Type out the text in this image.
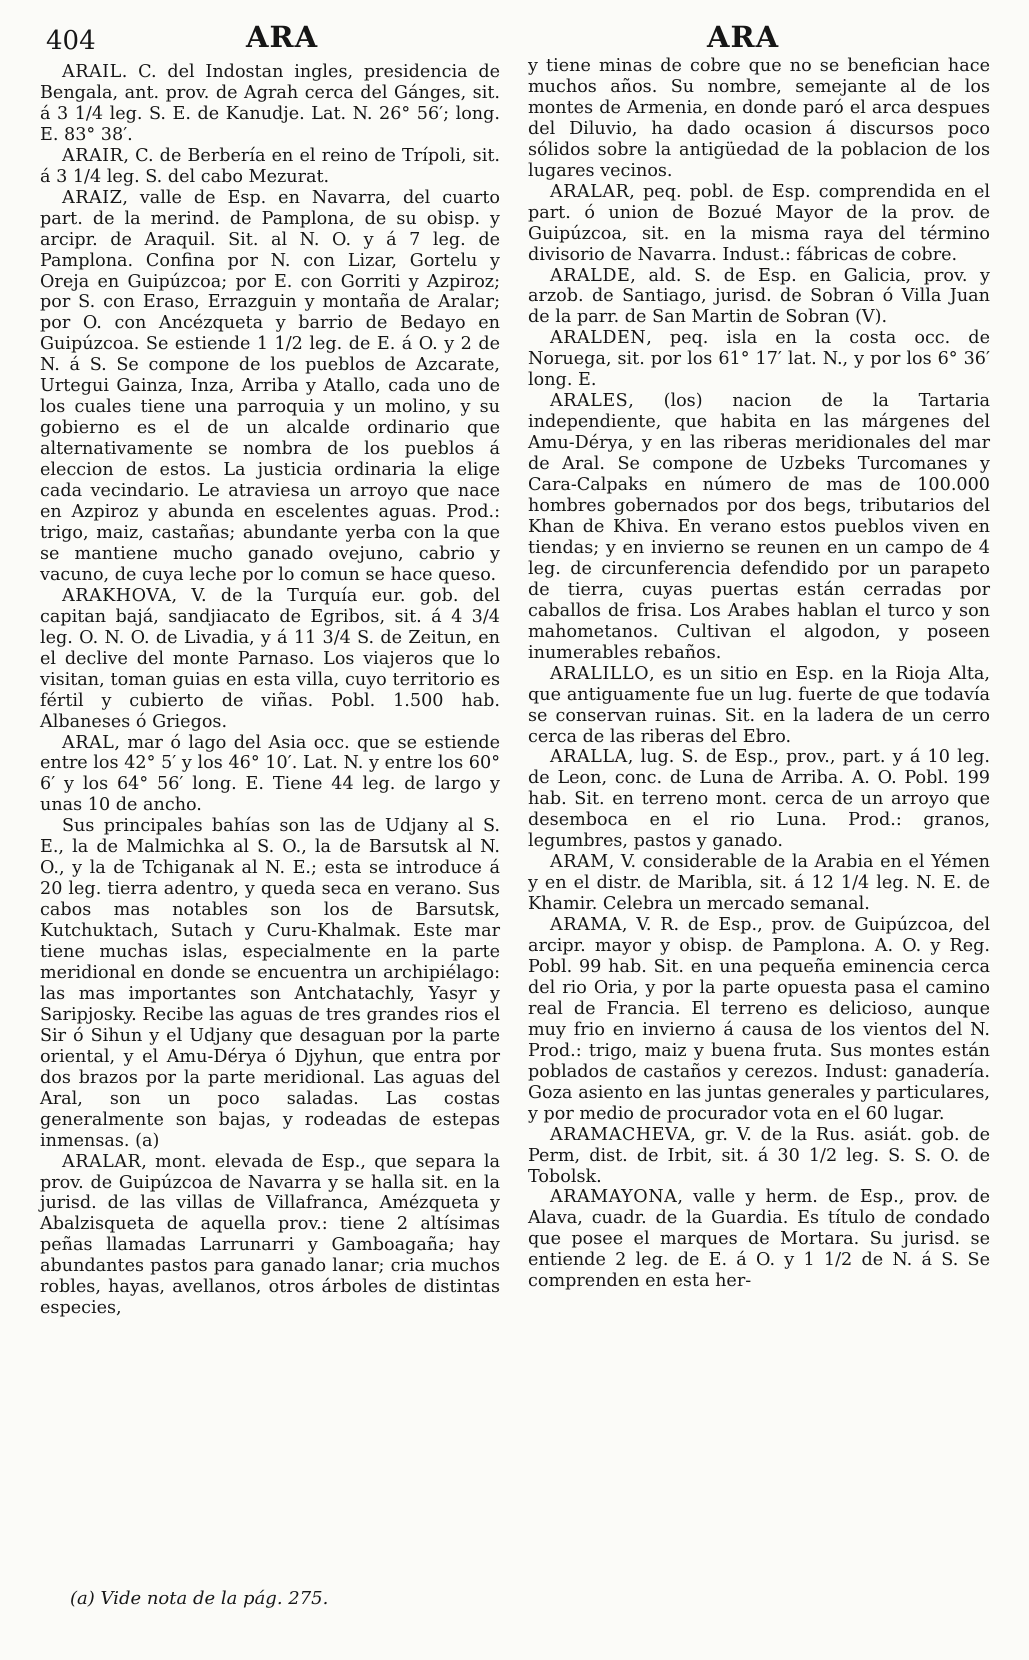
404	ARA	ARA

ARAIL. C. del Indostan ingles, presidencia de Bengala, ant. prov. de Agrah cerca del Gánges, sit. á 3 1/4 leg. S. E. de Kanudje. Lat. N. 26° 56′; long. E. 83° 38′.

ARAIR, C. de Berbería en el reino de Trípoli, sit. á 3 1/4 leg. S. del cabo Mezurat.

ARAIZ, valle de Esp. en Navarra, del cuarto part. de la merind. de Pamplona, de su obisp. y arcipr. de Araquil. Sit. al N. O. y á 7 leg. de Pamplona. Confina por N. con Lizar, Gortelu y Oreja en Guipúzcoa; por E. con Gorriti y Azpiroz; por S. con Eraso, Errazguin y montaña de Aralar; por O. con Ancézqueta y barrio de Bedayo en Guipúzcoa. Se estiende 1 1/2 leg. de E. á O. y 2 de N. á S. Se compone de los pueblos de Azcarate, Urtegui Gainza, Inza, Arriba y Atallo, cada uno de los cuales tiene una parroquia y un molino, y su gobierno es el de un alcalde ordinario que alternativamente se nombra de los pueblos á eleccion de estos. La justicia ordinaria la elige cada vecindario. Le atraviesa un arroyo que nace en Azpiroz y abunda en escelentes aguas. Prod.: trigo, maiz, castañas; abundante yerba con la que se mantiene mucho ganado ovejuno, cabrio y vacuno, de cuya leche por lo comun se hace queso.

ARAKHOVA, V. de la Turquía eur. gob. del capitan bajá, sandjiacato de Egribos, sit. á 4 3/4 leg. O. N. O. de Livadia, y á 11 3/4 S. de Zeitun, en el declive del monte Parnaso. Los viajeros que lo visitan, toman guias en esta villa, cuyo territorio es fértil y cubierto de viñas. Pobl. 1.500 hab. Albaneses ó Griegos.

ARAL, mar ó lago del Asia occ. que se estiende entre los 42° 5′ y los 46° 10′. Lat. N. y entre los 60° 6′ y los 64° 56′ long. E. Tiene 44 leg. de largo y unas 10 de ancho.

Sus principales bahías son las de Udjany al S. E., la de Malmichka al S. O., la de Barsutsk al N. O., y la de Tchiganak al N. E.; esta se introduce á 20 leg. tierra adentro, y queda seca en verano. Sus cabos mas notables son los de Barsutsk, Kutchuktach, Sutach y Curu-Khalmak. Este mar tiene muchas islas, especialmente en la parte meridional en donde se encuentra un archipiélago: las mas importantes son Antchatachly, Yasyr y Saripjosky. Recibe las aguas de tres grandes rios el Sir ó Sihun y el Udjany que desaguan por la parte oriental, y el Amu-Dérya ó Djyhun, que entra por dos brazos por la parte meridional. Las aguas del Aral, son un poco saladas. Las costas generalmente son bajas, y rodeadas de estepas inmensas. (a)

ARALAR, mont. elevada de Esp., que separa la prov. de Guipúzcoa de Navarra y se halla sit. en la jurisd. de las villas de Villafranca, Amézqueta y Abalzisqueta de aquella prov.: tiene 2 altísimas peñas llamadas Larrunarri y Gamboagaña; hay abundantes pastos para ganado lanar; cria muchos robles, hayas, avellanos, otros árboles de distintas especies,

y tiene minas de cobre que no se benefician hace muchos años. Su nombre, semejante al de los montes de Armenia, en donde paró el arca despues del Diluvio, ha dado ocasion á discursos poco sólidos sobre la antigüedad de la poblacion de los lugares vecinos.

ARALAR, peq. pobl. de Esp. comprendida en el part. ó union de Bozué Mayor de la prov. de Guipúzcoa, sit. en la misma raya del término divisorio de Navarra. Indust.: fábricas de cobre.

ARALDE, ald. S. de Esp. en Galicia, prov. y arzob. de Santiago, jurisd. de Sobran ó Villa Juan de la parr. de San Martin de Sobran (V).

ARALDEN, peq. isla en la costa occ. de Noruega, sit. por los 61° 17′ lat. N., y por los 6° 36′ long. E.

ARALES, (los) nacion de la Tartaria independiente, que habita en las márgenes del Amu-Dérya, y en las riberas meridionales del mar de Aral. Se compone de Uzbeks Turcomanes y Cara-Calpaks en número de mas de 100.000 hombres gobernados por dos begs, tributarios del Khan de Khiva. En verano estos pueblos viven en tiendas; y en invierno se reunen en un campo de 4 leg. de circunferencia defendido por un parapeto de tierra, cuyas puertas están cerradas por caballos de frisa. Los Arabes hablan el turco y son mahometanos. Cultivan el algodon, y poseen inumerables rebaños.

ARALILLO, es un sitio en Esp. en la Rioja Alta, que antiguamente fue un lug. fuerte de que todavía se conservan ruinas. Sit. en la ladera de un cerro cerca de las riberas del Ebro.

ARALLA, lug. S. de Esp., prov., part. y á 10 leg. de Leon, conc. de Luna de Arriba. A. O. Pobl. 199 hab. Sit. en terreno mont. cerca de un arroyo que desemboca en el rio Luna. Prod.: granos, legumbres, pastos y ganado.

ARAM, V. considerable de la Arabia en el Yémen y en el distr. de Maribla, sit. á 12 1/4 leg. N. E. de Khamir. Celebra un mercado semanal.

ARAMA, V. R. de Esp., prov. de Guipúzcoa, del arcipr. mayor y obisp. de Pamplona. A. O. y Reg. Pobl. 99 hab. Sit. en una pequeña eminencia cerca del rio Oria, y por la parte opuesta pasa el camino real de Francia. El terreno es delicioso, aunque muy frio en invierno á causa de los vientos del N. Prod.: trigo, maiz y buena fruta. Sus montes están poblados de castaños y cerezos. Indust: ganadería. Goza asiento en las juntas generales y particulares, y por medio de procurador vota en el 60 lugar.

ARAMACHEVA, gr. V. de la Rus. asiát. gob. de Perm, dist. de Irbit, sit. á 30 1/2 leg. S. S. O. de Tobolsk.

ARAMAYONA, valle y herm. de Esp., prov. de Alava, cuadr. de la Guardia. Es título de condado que posee el marques de Mortara. Su jurisd. se entiende 2 leg. de E. á O. y 1 1/2 de N. á S. Se comprenden en esta her-

(a) Vide nota de la pág. 275.
